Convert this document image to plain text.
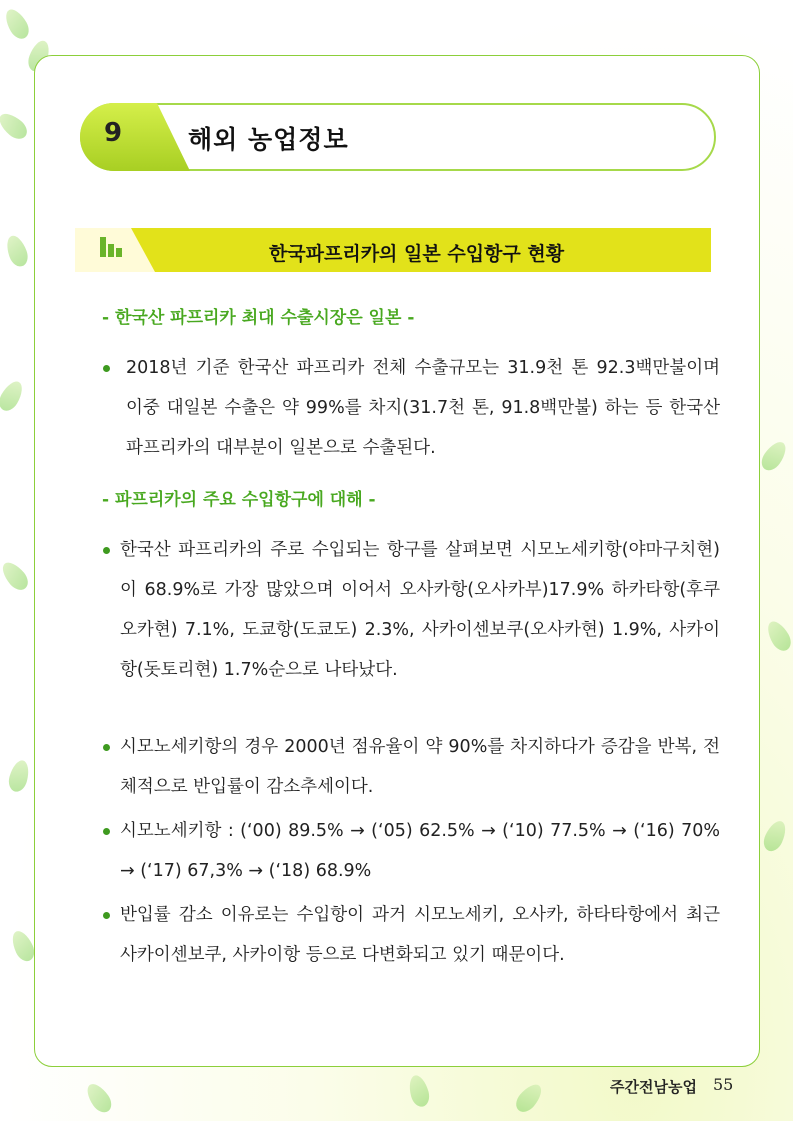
9	해외 농업정보
한국파프리카의 일본 수입항구 현황
- 한국산 파프리카 최대 수출시장은 일본 -
2018년 기준 한국산 파프리카 전체 수출규모는 31.9천 톤 92.3백만불이며 이중 대일본 수출은 약 99%를 차지(31.7천 톤, 91.8백만불) 하는 등 한국산 파프리카의 대부분이 일본으로 수출된다.
- 파프리카의 주요 수입항구에 대해 -
한국산 파프리카의 주로 수입되는 항구를 살펴보면 시모노세키항(야마구치현)이 68.9%로 가장 많았으며 이어서 오사카항(오사카부)17.9% 하카타항(후쿠오카현) 7.1%, 도쿄항(도쿄도) 2.3%, 사카이센보쿠(오사카현) 1.9%, 사카이항(돗토리현) 1.7%순으로 나타났다.
시모노세키항의 경우 2000년 점유율이 약 90%를 차지하다가 증감을 반복, 전체적으로 반입률이 감소추세이다.
시모노세키항 : (‘00) 89.5% → (‘05) 62.5% → (‘10) 77.5% → (‘16) 70% → (‘17) 67,3% → (‘18) 68.9%
반입률 감소 이유로는 수입항이 과거 시모노세키, 오사카, 하타타항에서 최근 사카이센보쿠, 사카이항 등으로 다변화되고 있기 때문이다.
주간전남농업 55
